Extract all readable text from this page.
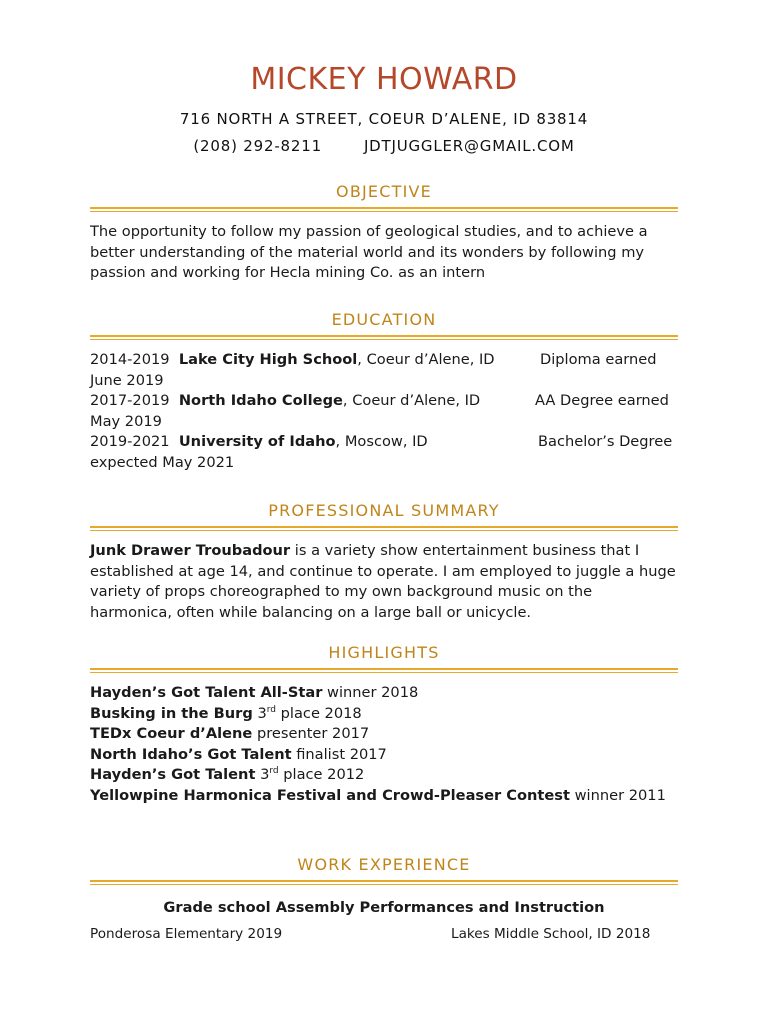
MICKEY HOWARD
716 NORTH A STREET, COEUR D’ALENE, ID 83814
(208) 292-8211	JDTJUGGLER@GMAIL.COM
OBJECTIVE
The opportunity to follow my passion of geological studies, and to achieve a better understanding of the material world and its wonders by following my passion and working for Hecla mining Co. as an intern
EDUCATION
2014-2019 Lake City High School, Coeur d’Alene, ID	Diploma earned
June 2019
2017-2019 North Idaho College, Coeur d’Alene, ID	AA Degree earned
May 2019
2019-2021 University of Idaho, Moscow, ID	Bachelor’s Degree
expected May 2021
PROFESSIONAL SUMMARY
Junk Drawer Troubadour is a variety show entertainment business that I established at age 14, and continue to operate. I am employed to juggle a huge variety of props choreographed to my own background music on the harmonica, often while balancing on a large ball or unicycle.
HIGHLIGHTS
Hayden’s Got Talent All-Star winner 2018
Busking in the Burg 3rd place 2018
TEDx Coeur d’Alene presenter 2017
North Idaho’s Got Talent finalist 2017
Hayden’s Got Talent 3rd place 2012
Yellowpine Harmonica Festival and Crowd-Pleaser Contest winner 2011
WORK EXPERIENCE
Grade school Assembly Performances and Instruction
Ponderosa Elementary 2019	Lakes Middle School, ID 2018
